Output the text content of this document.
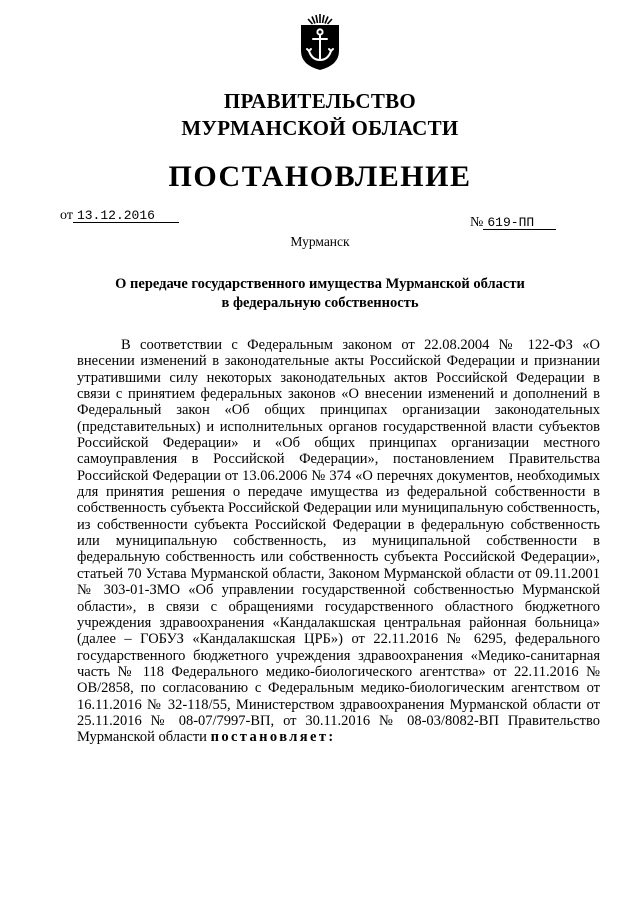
ПРАВИТЕЛЬСТВО
МУРМАНСКОЙ ОБЛАСТИ
ПОСТАНОВЛЕНИЕ
от 13.12.2016	№ 619-ПП
Мурманск
О передаче государственного имущества Мурманской области
в федеральную собственность
В соответствии с Федеральным законом от 22.08.2004 № 122-ФЗ «О внесении изменений в законодательные акты Российской Федерации и признании утратившими силу некоторых законодательных актов Российской Федерации в связи с принятием федеральных законов «О внесении изменений и дополнений в Федеральный закон «Об общих принципах организации законодательных (представительных) и исполнительных органов государственной власти субъектов Российской Федерации» и «Об общих принципах организации местного самоуправления в Российской Федерации», постановлением Правительства Российской Федерации от 13.06.2006 № 374 «О перечнях документов, необходимых для принятия решения о передаче имущества из федеральной собственности в собственность субъекта Российской Федерации или муниципальную собственность, из собственности субъекта Российской Федерации в федеральную собственность или муниципальную собственность, из муниципальной собственности в федеральную собственность или собственность субъекта Российской Федерации», статьей 70 Устава Мурманской области, Законом Мурманской области от 09.11.2001 № 303-01-ЗМО «Об управлении государственной собственностью Мурманской области», в связи с обращениями государственного областного бюджетного учреждения здравоохранения «Кандалакшская центральная районная больница» (далее – ГОБУЗ «Кандалакшская ЦРБ») от 22.11.2016 № 6295, федерального государственного бюджетного учреждения здравоохранения «Медико-санитарная часть № 118 Федерального медико-биологического агентства» от 22.11.2016 № ОВ/2858, по согласованию с Федеральным медико-биологическим агентством от 16.11.2016 № 32-118/55, Министерством здравоохранения Мурманской области от 25.11.2016 № 08-07/7997-ВП, от 30.11.2016 № 08-03/8082-ВП Правительство Мурманской области постановляет:
